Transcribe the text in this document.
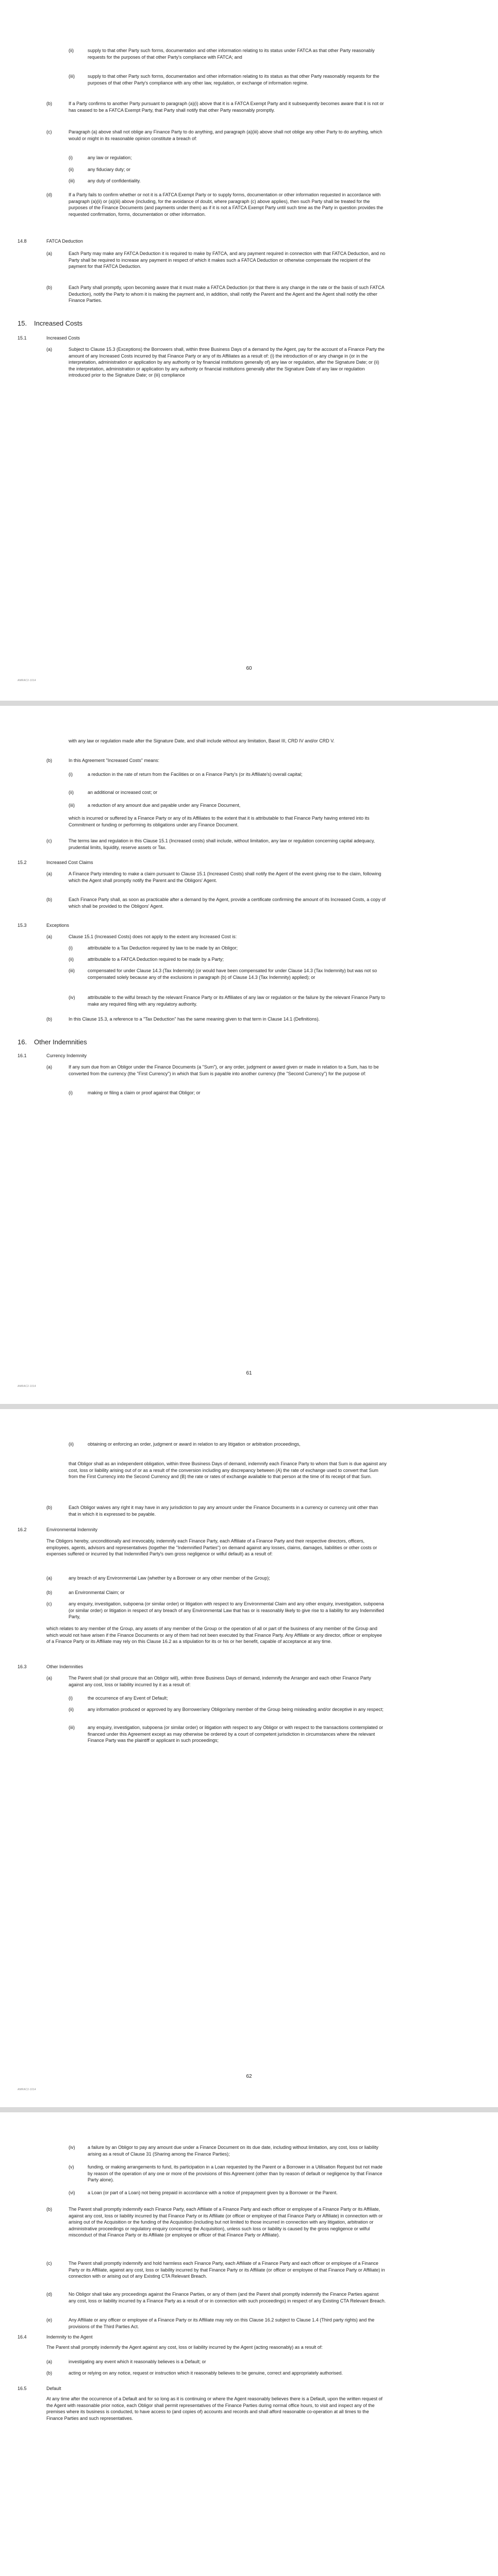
(ii)	supply to that other Party such forms, documentation and other information relating to its status under FATCA as that other Party reasonably requests for the purposes of that other Party's compliance with FATCA; and
(iii)	supply to that other Party such forms, documentation and other information relating to its status as that other Party reasonably requests for the purposes of that other Party's compliance with any other law, regulation, or exchange of information regime.
(b)	If a Party confirms to another Party pursuant to paragraph (a)(i) above that it is a FATCA Exempt Party and it subsequently becomes aware that it is not or has ceased to be a FATCA Exempt Party, that Party shall notify that other Party reasonably promptly.
(c)	Paragraph (a) above shall not oblige any Finance Party to do anything, and paragraph (a)(iii) above shall not oblige any other Party to do anything, which would or might in its reasonable opinion constitute a breach of:
(i)	any law or regulation;
(ii)	any fiduciary duty; or
(iii)	any duty of confidentiality.
(d)	If a Party fails to confirm whether or not it is a FATCA Exempt Party or to supply forms, documentation or other information requested in accordance with paragraph (a)(ii) or (a)(iii) above (including, for the avoidance of doubt, where paragraph (c) above applies), then such Party shall be treated for the purposes of the Finance Documents (and payments under them) as if it is not a FATCA Exempt Party until such time as the Party in question provides the requested confirmation, forms, documentation or other information.
14.8	FATCA Deduction
(a)	Each Party may make any FATCA Deduction it is required to make by FATCA, and any payment required in connection with that FATCA Deduction, and no Party shall be required to increase any payment in respect of which it makes such a FATCA Deduction or otherwise compensate the recipient of the payment for that FATCA Deduction.
(b)	Each Party shall promptly, upon becoming aware that it must make a FATCA Deduction (or that there is any change in the rate or the basis of such FATCA Deduction), notify the Party to whom it is making the payment and, in addition, shall notify the Parent and the Agent and the Agent shall notify the other Finance Parties.
15. Increased Costs
15.1	Increased Costs
(a)	Subject to Clause 15.3 (Exceptions) the Borrowers shall, within three Business Days of a demand by the Agent, pay for the account of a Finance Party the amount of any Increased Costs incurred by that Finance Party or any of its Affiliates as a result of: (i) the introduction of or any change in (or in the interpretation, administration or application by any authority or by financial institutions generally of) any law or regulation, after the Signature Date; or (ii) the interpretation, administration or application by any authority or financial institutions generally after the Signature Date of any law or regulation introduced prior to the Signature Date; or (iii) compliance
AMRAC2-1014
60
with any law or regulation made after the Signature Date, and shall include without any limitation, Basel III, CRD IV and/or CRD V.
(b)	In this Agreement "Increased Costs" means:
(i)	a reduction in the rate of return from the Facilities or on a Finance Party's (or its Affiliate's) overall capital;
(ii)	an additional or increased cost; or
(iii)	a reduction of any amount due and payable under any Finance Document,
which is incurred or suffered by a Finance Party or any of its Affiliates to the extent that it is attributable to that Finance Party having entered into its Commitment or funding or performing its obligations under any Finance Document.
(c)	The terms law and regulation in this Clause 15.1 (Increased costs) shall include, without limitation, any law or regulation concerning capital adequacy, prudential limits, liquidity, reserve assets or Tax.
15.2	Increased Cost Claims
(a)	A Finance Party intending to make a claim pursuant to Clause 15.1 (Increased Costs) shall notify the Agent of the event giving rise to the claim, following which the Agent shall promptly notify the Parent and the Obligors' Agent.
(b)	Each Finance Party shall, as soon as practicable after a demand by the Agent, provide a certificate confirming the amount of its Increased Costs, a copy of which shall be provided to the Obligors' Agent.
15.3	Exceptions
(a)	Clause 15.1 (Increased Costs) does not apply to the extent any Increased Cost is:
(i)	attributable to a Tax Deduction required by law to be made by an Obligor;
(ii)	attributable to a FATCA Deduction required to be made by a Party;
(iii)	compensated for under Clause 14.3 (Tax Indemnity) (or would have been compensated for under Clause 14.3 (Tax Indemnity) but was not so compensated solely because any of the exclusions in paragraph (b) of Clause 14.3 (Tax Indemnity) applied); or
(iv)	attributable to the wilful breach by the relevant Finance Party or its Affiliates of any law or regulation or the failure by the relevant Finance Party to make any required filing with any regulatory authority.
(b)	In this Clause 15.3, a reference to a "Tax Deduction" has the same meaning given to that term in Clause 14.1 (Definitions).
16. Other Indemnities
16.1	Currency Indemnity
(a)	If any sum due from an Obligor under the Finance Documents (a "Sum"), or any order, judgment or award given or made in relation to a Sum, has to be converted from the currency (the "First Currency") in which that Sum is payable into another currency (the "Second Currency") for the purpose of:
(i)	making or filing a claim or proof against that Obligor; or
61
AMRAC2-1014
(ii)	obtaining or enforcing an order, judgment or award in relation to any litigation or arbitration proceedings,
that Obligor shall as an independent obligation, within three Business Days of demand, indemnify each Finance Party to whom that Sum is due against any cost, loss or liability arising out of or as a result of the conversion including any discrepancy between (A) the rate of exchange used to convert that Sum from the First Currency into the Second Currency and (B) the rate or rates of exchange available to that person at the time of its receipt of that Sum.
(b)	Each Obligor waives any right it may have in any jurisdiction to pay any amount under the Finance Documents in a currency or currency unit other than that in which it is expressed to be payable.
16.2	Environmental Indemnity
The Obligors hereby, unconditionally and irrevocably, indemnify each Finance Party, each Affiliate of a Finance Party and their respective directors, officers, employees, agents, advisors and representatives (together the "Indemnified Parties") on demand against any losses, claims, damages, liabilities or other costs or expenses suffered or incurred by that Indemnified Party's own gross negligence or wilful default) as a result of:
(a)	any breach of any Environmental Law (whether by a Borrower or any other member of the Group);
(b)	an Environmental Claim; or
(c)	any enquiry, investigation, subpoena (or similar order) or litigation with respect to any Environmental Claim and any other enquiry, investigation, subpoena (or similar order) or litigation in respect of any breach of any Environmental Law that has or is reasonably likely to give rise to a liability for any Indemnified Party,
which relates to any member of the Group, any assets of any member of the Group or the operation of all or part of the business of any member of the Group and which would not have arisen if the Finance Documents or any of them had not been executed by that Finance Party. Any Affiliate or any director, officer or employee of a Finance Party or its Affiliate may rely on this Clause 16.2 as a stipulation for its or his or her benefit, capable of acceptance at any time.
16.3	Other Indemnities
(a)	The Parent shall (or shall procure that an Obligor will), within three Business Days of demand, indemnify the Arranger and each other Finance Party against any cost, loss or liability incurred by it as a result of:
(i)	the occurrence of any Event of Default;
(ii)	any information produced or approved by any Borrower/any Obligor/any member of the Group being misleading and/or deceptive in any respect;
(iii)	any enquiry, investigation, subpoena (or similar order) or litigation with respect to any Obligor or with respect to the transactions contemplated or financed under this Agreement except as may otherwise be ordered by a court of competent jurisdiction in circumstances where the relevant Finance Party was the plaintiff or applicant in such proceedings;
62
AMRAC2-1014
(iv)	a failure by an Obligor to pay any amount due under a Finance Document on its due date, including without limitation, any cost, loss or liability arising as a result of Clause 31 (Sharing among the Finance Parties);
(v)	funding, or making arrangements to fund, its participation in a Loan requested by the Parent or a Borrower in a Utilisation Request but not made by reason of the operation of any one or more of the provisions of this Agreement (other than by reason of default or negligence by that Finance Party alone).
(vi)	a Loan (or part of a Loan) not being prepaid in accordance with a notice of prepayment given by a Borrower or the Parent.
(b)	The Parent shall promptly indemnify each Finance Party, each Affiliate of a Finance Party and each officer or employee of a Finance Party or its Affiliate, against any cost, loss or liability incurred by that Finance Party or its Affiliate (or officer or employee of that Finance Party or Affiliate) in connection with or arising out of the Acquisition or the funding of the Acquisition (including but not limited to those incurred in connection with any litigation, arbitration or administrative proceedings or regulatory enquiry concerning the Acquisition), unless such loss or liability is caused by the gross negligence or wilful misconduct of that Finance Party or its Affiliate (or employee or officer of that Finance Party or Affiliate).
(c)	The Parent shall promptly indemnify and hold harmless each Finance Party, each Affiliate of a Finance Party and each officer or employee of a Finance Party or its Affiliate, against any cost, loss or liability incurred by that Finance Party or its Affiliate (or officer or employee of that Finance Party or Affiliate) in connection with or arising out of any Existing CTA Relevant Breach.
(d)	No Obligor shall take any proceedings against the Finance Parties, or any of them (and the Parent shall promptly indemnify the Finance Parties against any cost, loss or liability incurred by a Finance Party as a result of or in connection with such proceedings) in respect of any Existing CTA Relevant Breach.
(e)	Any Affiliate or any officer or employee of a Finance Party or its Affiliate may rely on this Clause 16.2 subject to Clause 1.4 (Third party rights) and the provisions of the Third Parties Act.
16.4	Indemnity to the Agent
The Parent shall promptly indemnify the Agent against any cost, loss or liability incurred by the Agent (acting reasonably) as a result of:
(a)	investigating any event which it reasonably believes is a Default; or
(b)	acting or relying on any notice, request or instruction which it reasonably believes to be genuine, correct and appropriately authorised.
16.5	Default
At any time after the occurrence of a Default and for so long as it is continuing or where the Agent reasonably believes there is a Default, upon the written request of the Agent with reasonable prior notice, each Obligor shall permit representatives of the Finance Parties during normal office hours, to visit and inspect any of the premises where its business is conducted, to have access to (and copies of) accounts and records and shall afford reasonable co-operation at all times to the Finance Parties and such representatives.
